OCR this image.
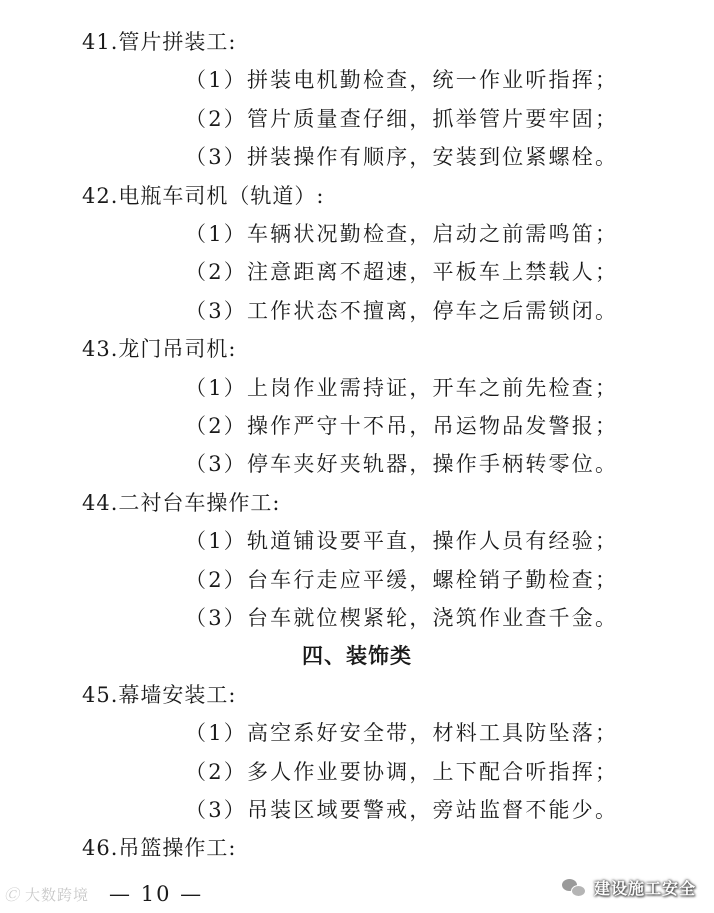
41.管片拼装工:
（1）拼装电机勤检查，统一作业听指挥；
（2）管片质量查仔细，抓举管片要牢固；
（3）拼装操作有顺序，安装到位紧螺栓。
42.电瓶车司机（轨道）:
（1）车辆状况勤检查，启动之前需鸣笛；
（2）注意距离不超速，平板车上禁载人；
（3）工作状态不擅离，停车之后需锁闭。
43.龙门吊司机:
（1）上岗作业需持证，开车之前先检查；
（2）操作严守十不吊，吊运物品发警报；
（3）停车夹好夹轨器，操作手柄转零位。
44.二衬台车操作工:
（1）轨道铺设要平直，操作人员有经验；
（2）台车行走应平缓，螺栓销子勤检查；
（3）台车就位楔紧轮，浇筑作业查千金。
四、装饰类
45.幕墙安装工:
（1）高空系好安全带，材料工具防坠落；
（2）多人作业要协调，上下配合听指挥；
（3）吊装区域要警戒，旁站监督不能少。
46.吊篮操作工:
Ⓒ 大数跨境 — 10 —	建设施工安全
